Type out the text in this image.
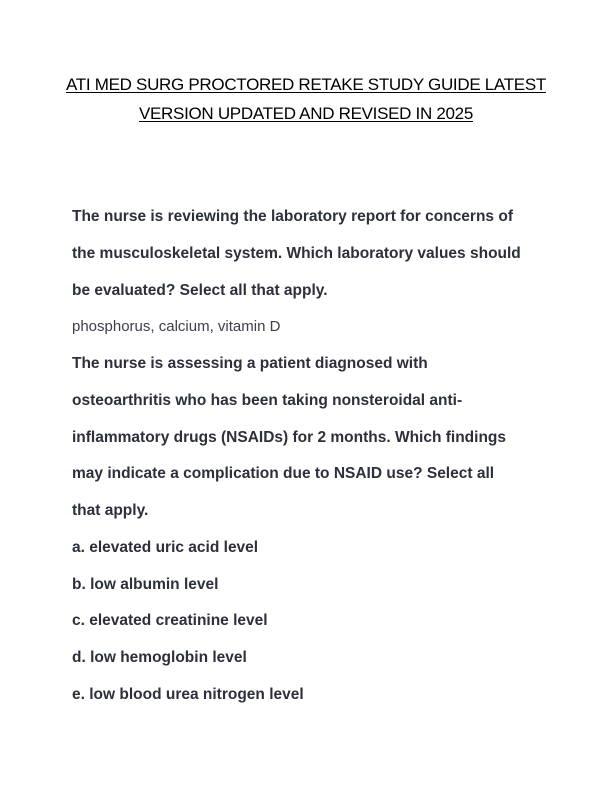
ATI MED SURG PROCTORED RETAKE STUDY GUIDE LATEST
VERSION UPDATED AND REVISED IN 2025
The nurse is reviewing the laboratory report for concerns of
the musculoskeletal system. Which laboratory values should
be evaluated? Select all that apply.
phosphorus, calcium, vitamin D
The nurse is assessing a patient diagnosed with
osteoarthritis who has been taking nonsteroidal anti-
inflammatory drugs (NSAIDs) for 2 months. Which findings
may indicate a complication due to NSAID use? Select all
that apply.
a. elevated uric acid level
b. low albumin level
c. elevated creatinine level
d. low hemoglobin level
e. low blood urea nitrogen level
